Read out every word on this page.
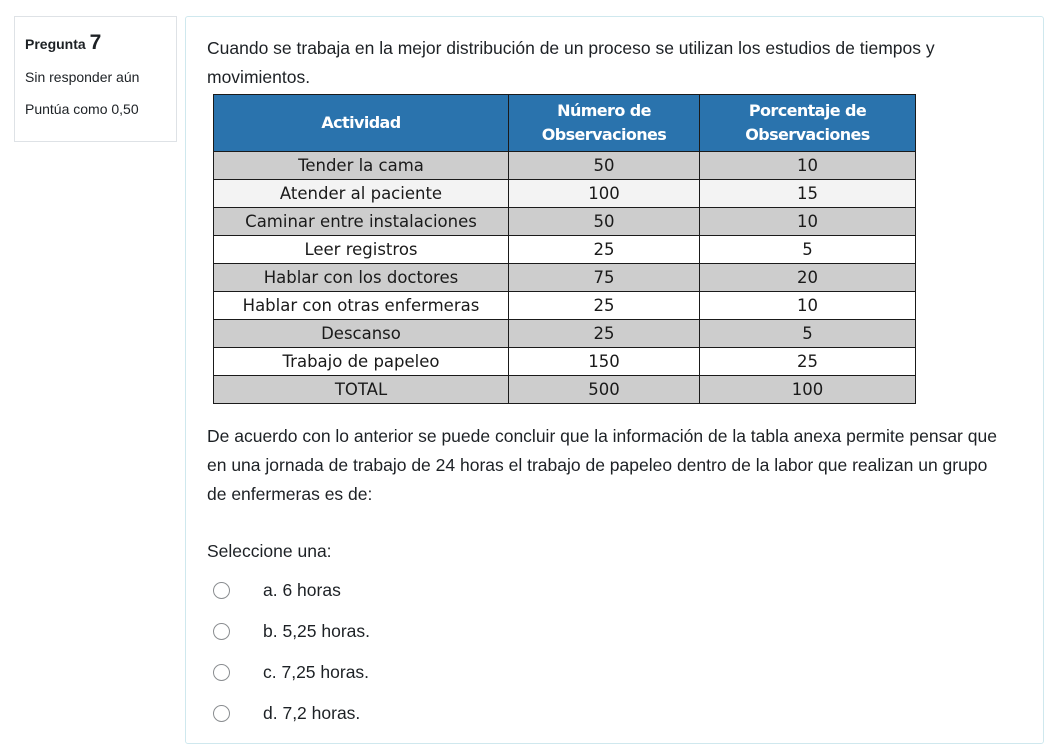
Pregunta 7
Sin responder aún
Puntúa como 0,50
Cuando se trabaja en la mejor distribución de un proceso se utilizan los estudios de tiempos y movimientos.
Actividad	Número de Observaciones	Porcentaje de Observaciones
Tender la cama	50	10
Atender al paciente	100	15
Caminar entre instalaciones	50	10
Leer registros	25	5
Hablar con los doctores	75	20
Hablar con otras enfermeras	25	10
Descanso	25	5
Trabajo de papeleo	150	25
TOTAL	500	100
De acuerdo con lo anterior se puede concluir que la información de la tabla anexa permite pensar que en una jornada de trabajo de 24 horas el trabajo de papeleo dentro de la labor que realizan un grupo de enfermeras es de:
Seleccione una:
a. 6 horas
b. 5,25 horas.
c. 7,25 horas.
d. 7,2 horas.
